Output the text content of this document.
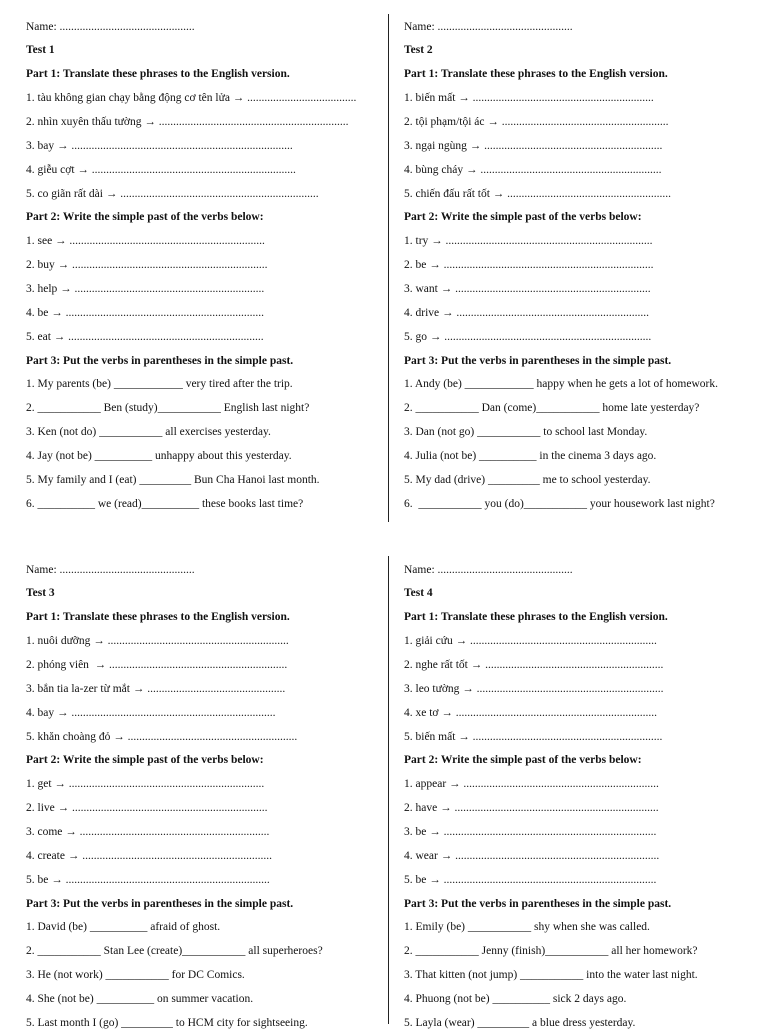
Name: ...............................................
Test 1
Part 1: Translate these phrases to the English version.
1. tàu không gian chạy bằng động cơ tên lửa → ......................................
2. nhìn xuyên thấu tường → ..................................................................
3. bay → .............................................................................
4. giễu cợt → .......................................................................
5. co giãn rất dài → .....................................................................
Part 2: Write the simple past of the verbs below:
1. see → ....................................................................
2. buy → ....................................................................
3. help → ..................................................................
4. be → .....................................................................
5. eat → ....................................................................
Part 3: Put the verbs in parentheses in the simple past.
1. My parents (be) ____________ very tired after the trip.
2. ___________ Ben (study)___________ English last night?
3. Ken (not do) ___________ all exercises yesterday.
4. Jay (not be) __________ unhappy about this yesterday.
5. My family and I (eat) _________ Bun Cha Hanoi last month.
6. __________ we (read)__________ these books last time?
Name: ...............................................
Test 2
Part 1: Translate these phrases to the English version.
1. biến mất → ...............................................................
2. tội phạm/tội ác → ..........................................................
3. ngại ngùng → ..............................................................
4. bùng cháy → ...............................................................
5. chiến đấu rất tốt → .........................................................
Part 2: Write the simple past of the verbs below:
1. try → ........................................................................
2. be → .........................................................................
3. want → ....................................................................
4. drive → ...................................................................
5. go → ........................................................................
Part 3: Put the verbs in parentheses in the simple past.
1. Andy (be) ____________ happy when he gets a lot of homework.
2. ___________ Dan (come)___________ home late yesterday?
3. Dan (not go) ___________ to school last Monday.
4. Julia (not be) __________ in the cinema 3 days ago.
5. My dad (drive) _________ me to school yesterday.
6.  ___________ you (do)___________ your housework last night?
Name: ...............................................
Test 3
Part 1: Translate these phrases to the English version.
1. nuôi dưỡng → ...............................................................
2. phóng viên  → ..............................................................
3. bắn tia la-zer từ mắt → ................................................
4. bay → .......................................................................
5. khăn choàng đỏ → ...........................................................
Part 2: Write the simple past of the verbs below:
1. get → ....................................................................
2. live → ....................................................................
3. come → ..................................................................
4. create → ..................................................................
5. be → .......................................................................
Part 3: Put the verbs in parentheses in the simple past.
1. David (be) __________ afraid of ghost.
2. ___________ Stan Lee (create)___________ all superheroes?
3. He (not work) ___________ for DC Comics.
4. She (not be) __________ on summer vacation.
5. Last month I (go) _________ to HCM city for sightseeing.
Name: ...............................................
Test 4
Part 1: Translate these phrases to the English version.
1. giải cứu → .................................................................
2. nghe rất tốt → ..............................................................
3. leo tường → .................................................................
4. xe tơ → ......................................................................
5. biến mất → ..................................................................
Part 2: Write the simple past of the verbs below:
1. appear → ....................................................................
2. have → .......................................................................
3. be → ..........................................................................
4. wear → .......................................................................
5. be → ..........................................................................
Part 3: Put the verbs in parentheses in the simple past.
1. Emily (be) ___________ shy when she was called.
2. ___________ Jenny (finish)___________ all her homework?
3. That kitten (not jump) ___________ into the water last night.
4. Phuong (not be) __________ sick 2 days ago.
5. Layla (wear) _________ a blue dress yesterday.
